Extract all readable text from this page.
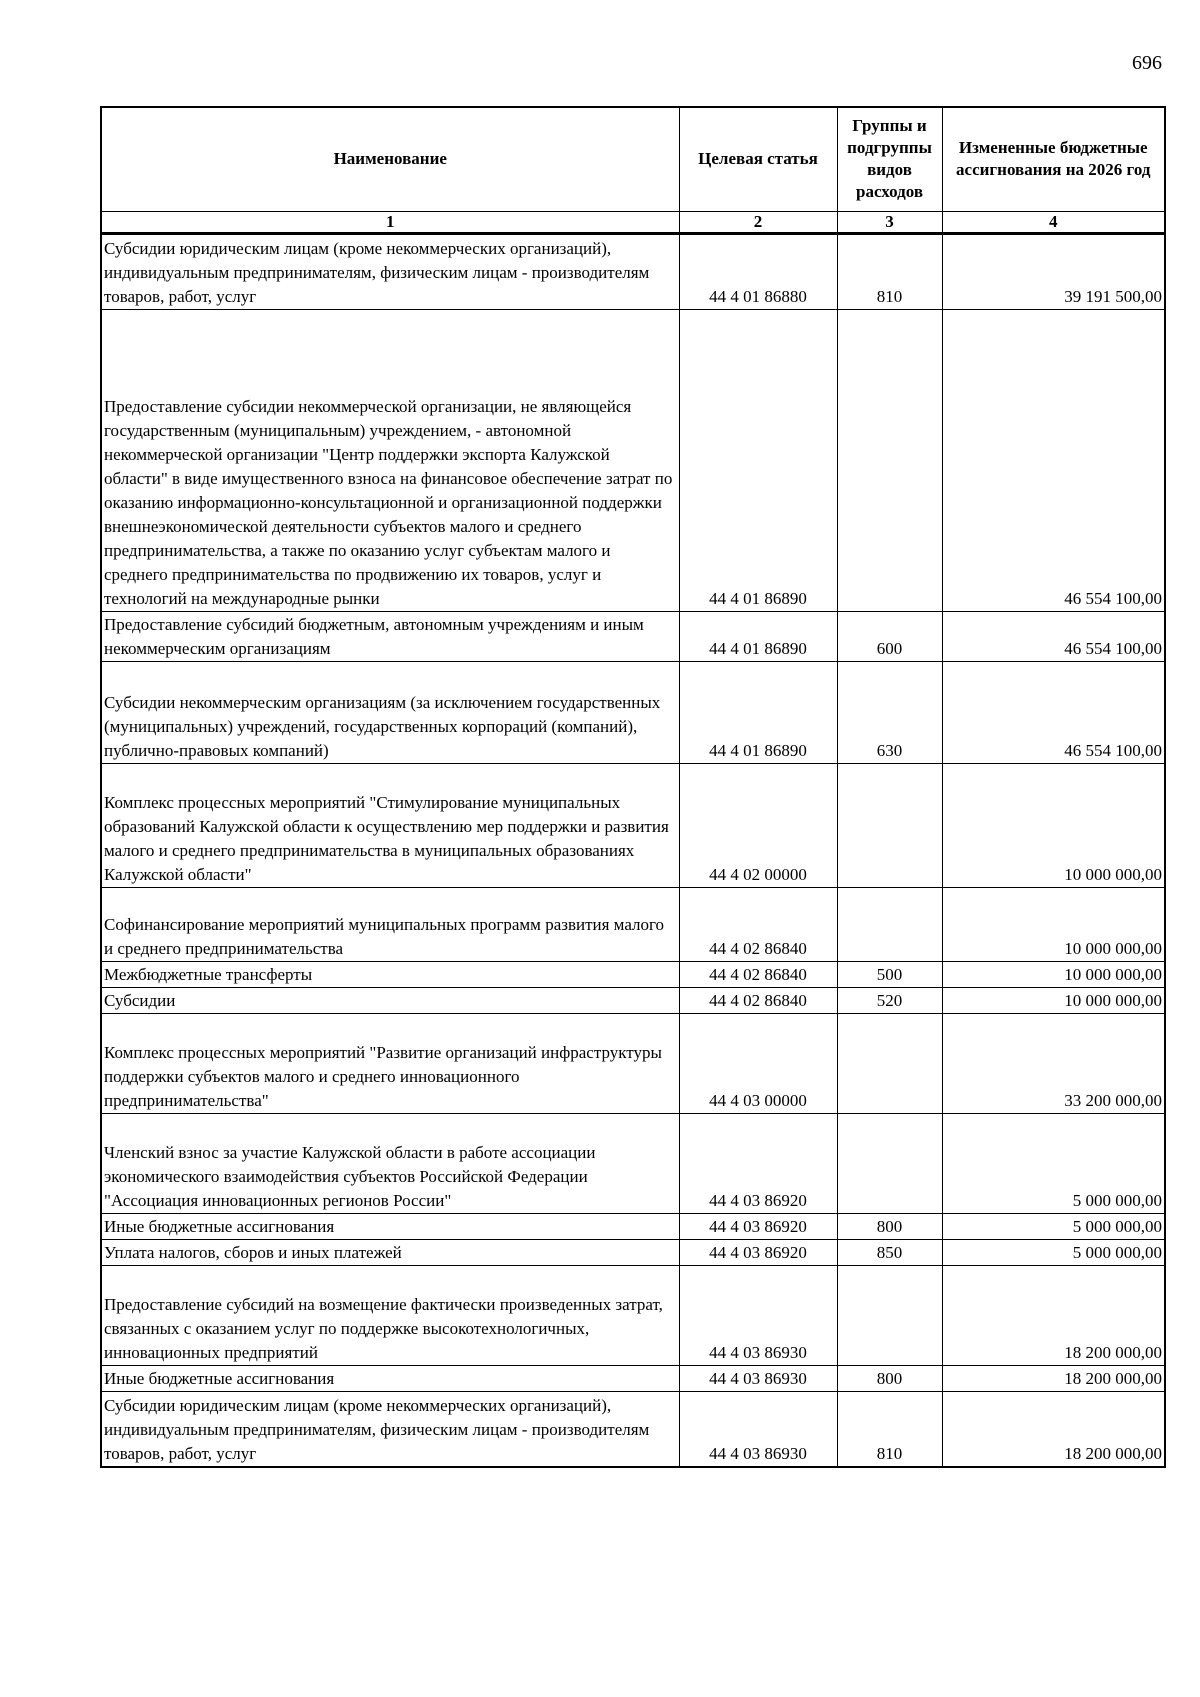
696
Наименование	Целевая статья	Группы и подгруппы видов расходов	Измененные бюджетные ассигнования на 2026 год
1	2	3	4
Субсидии юридическим лицам (кроме некоммерческих организаций), индивидуальным предпринимателям, физическим лицам - производителям товаров, работ, услуг	44 4 01 86880	810	39 191 500,00
Предоставление субсидии некоммерческой организации, не являющейся государственным (муниципальным) учреждением, - автономной некоммерческой организации "Центр поддержки экспорта Калужской области" в виде имущественного взноса на финансовое обеспечение затрат по оказанию информационно-консультационной и организационной поддержки внешнеэкономической деятельности субъектов малого и среднего предпринимательства, а также по оказанию услуг субъектам малого и среднего предпринимательства по продвижению их товаров, услуг и технологий на международные рынки	44 4 01 86890		46 554 100,00
Предоставление субсидий бюджетным, автономным учреждениям и иным некоммерческим организациям	44 4 01 86890	600	46 554 100,00
Субсидии некоммерческим организациям (за исключением государственных (муниципальных) учреждений, государственных корпораций (компаний), публично-правовых компаний)	44 4 01 86890	630	46 554 100,00
Комплекс процессных мероприятий "Стимулирование муниципальных образований Калужской области к осуществлению мер поддержки и развития малого и среднего предпринимательства в муниципальных образованиях Калужской области"	44 4 02 00000		10 000 000,00
Софинансирование мероприятий муниципальных программ развития малого и среднего предпринимательства	44 4 02 86840		10 000 000,00
Межбюджетные трансферты	44 4 02 86840	500	10 000 000,00
Субсидии	44 4 02 86840	520	10 000 000,00
Комплекс процессных мероприятий "Развитие организаций инфраструктуры поддержки субъектов малого и среднего инновационного предпринимательства"	44 4 03 00000		33 200 000,00
Членский взнос за участие Калужской области в работе ассоциации экономического взаимодействия субъектов Российской Федерации "Ассоциация инновационных регионов России"	44 4 03 86920		5 000 000,00
Иные бюджетные ассигнования	44 4 03 86920	800	5 000 000,00
Уплата налогов, сборов и иных платежей	44 4 03 86920	850	5 000 000,00
Предоставление субсидий на возмещение фактически произведенных затрат, связанных с оказанием услуг по поддержке высокотехнологичных, инновационных предприятий	44 4 03 86930		18 200 000,00
Иные бюджетные ассигнования	44 4 03 86930	800	18 200 000,00
Субсидии юридическим лицам (кроме некоммерческих организаций), индивидуальным предпринимателям, физическим лицам - производителям товаров, работ, услуг	44 4 03 86930	810	18 200 000,00
